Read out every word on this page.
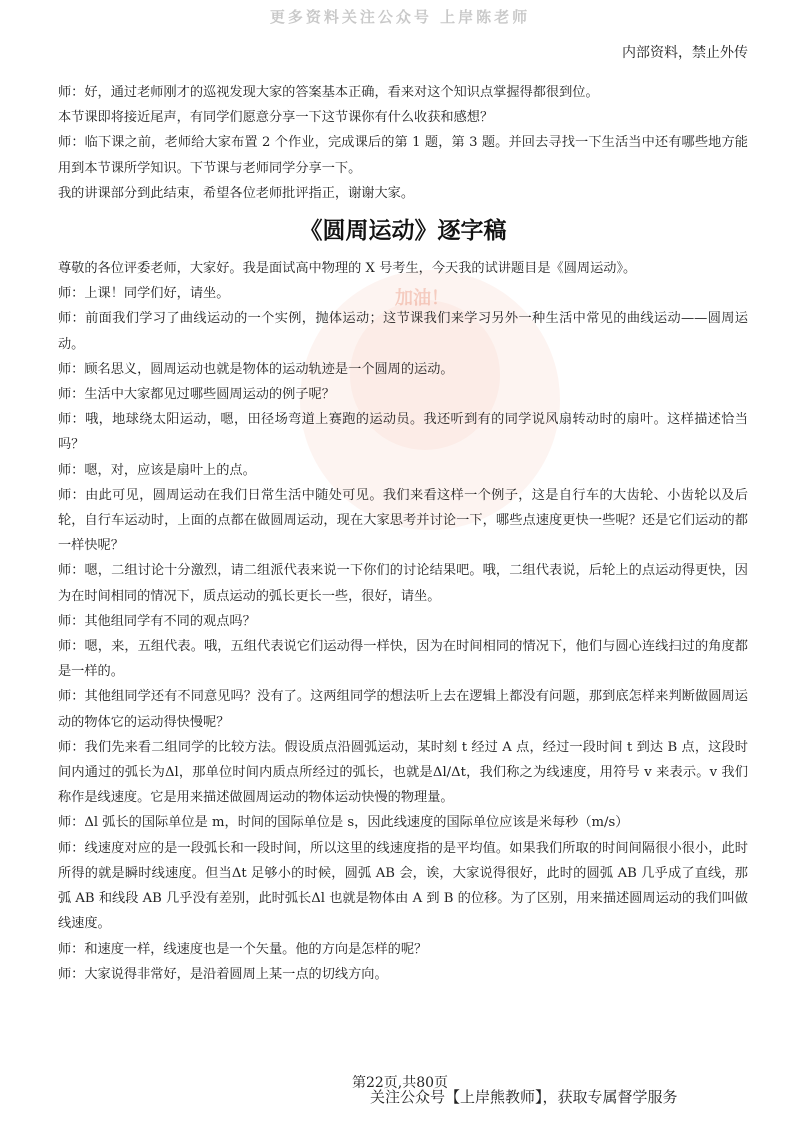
更多资料关注公众号 上岸陈老师
内部资料，禁止外传
加油！

师：好，通过老师刚才的巡视发现大家的答案基本正确，看来对这个知识点掌握得都很到位。

本节课即将接近尾声，有同学们愿意分享一下这节课你有什么收获和感想？

师：临下课之前，老师给大家布置 2 个作业，完成课后的第 1 题，第 3 题。并回去寻找一下生活当中还有哪些地方能用到本节课所学知识。下节课与老师同学分享一下。

我的讲课部分到此结束，希望各位老师批评指正，谢谢大家。

《圆周运动》逐字稿

尊敬的各位评委老师，大家好。我是面试高中物理的 X 号考生，今天我的试讲题目是《圆周运动》。

师：上课！同学们好，请坐。

师：前面我们学习了曲线运动的一个实例，抛体运动；这节课我们来学习另外一种生活中常见的曲线运动——圆周运动。

师：顾名思义，圆周运动也就是物体的运动轨迹是一个圆周的运动。

师：生活中大家都见过哪些圆周运动的例子呢？

师：哦，地球绕太阳运动，嗯，田径场弯道上赛跑的运动员。我还听到有的同学说风扇转动时的扇叶。这样描述恰当吗？

师：嗯，对，应该是扇叶上的点。

师：由此可见，圆周运动在我们日常生活中随处可见。我们来看这样一个例子，这是自行车的大齿轮、小齿轮以及后轮，自行车运动时，上面的点都在做圆周运动，现在大家思考并讨论一下，哪些点速度更快一些呢？还是它们运动的都一样快呢？

师：嗯，二组讨论十分激烈，请二组派代表来说一下你们的讨论结果吧。哦，二组代表说，后轮上的点运动得更快，因为在时间相同的情况下，质点运动的弧长更长一些，很好，请坐。

师：其他组同学有不同的观点吗？

师：嗯，来，五组代表。哦，五组代表说它们运动得一样快，因为在时间相同的情况下，他们与圆心连线扫过的角度都是一样的。

师：其他组同学还有不同意见吗？没有了。这两组同学的想法听上去在逻辑上都没有问题，那到底怎样来判断做圆周运动的物体它的运动得快慢呢？

师：我们先来看二组同学的比较方法。假设质点沿圆弧运动，某时刻 t 经过 A 点，经过一段时间 t 到达 B 点，这段时间内通过的弧长为Δl，那单位时间内质点所经过的弧长，也就是Δl/Δt，我们称之为线速度，用符号 v 来表示。v 我们称作是线速度。它是用来描述做圆周运动的物体运动快慢的物理量。

师：Δl 弧长的国际单位是 m，时间的国际单位是 s，因此线速度的国际单位应该是米每秒（m/s）

师：线速度对应的是一段弧长和一段时间，所以这里的线速度指的是平均值。如果我们所取的时间间隔很小很小，此时所得的就是瞬时线速度。但当Δt 足够小的时候，圆弧 AB 会，诶，大家说得很好，此时的圆弧 AB 几乎成了直线，那弧 AB 和线段 AB 几乎没有差别，此时弧长Δl 也就是物体由 A 到 B 的位移。为了区别，用来描述圆周运动的我们叫做线速度。

师：和速度一样，线速度也是一个矢量。他的方向是怎样的呢？

师：大家说得非常好，是沿着圆周上某一点的切线方向。

第22页,共80页
关注公众号【上岸熊教师】，获取专属督学服务
